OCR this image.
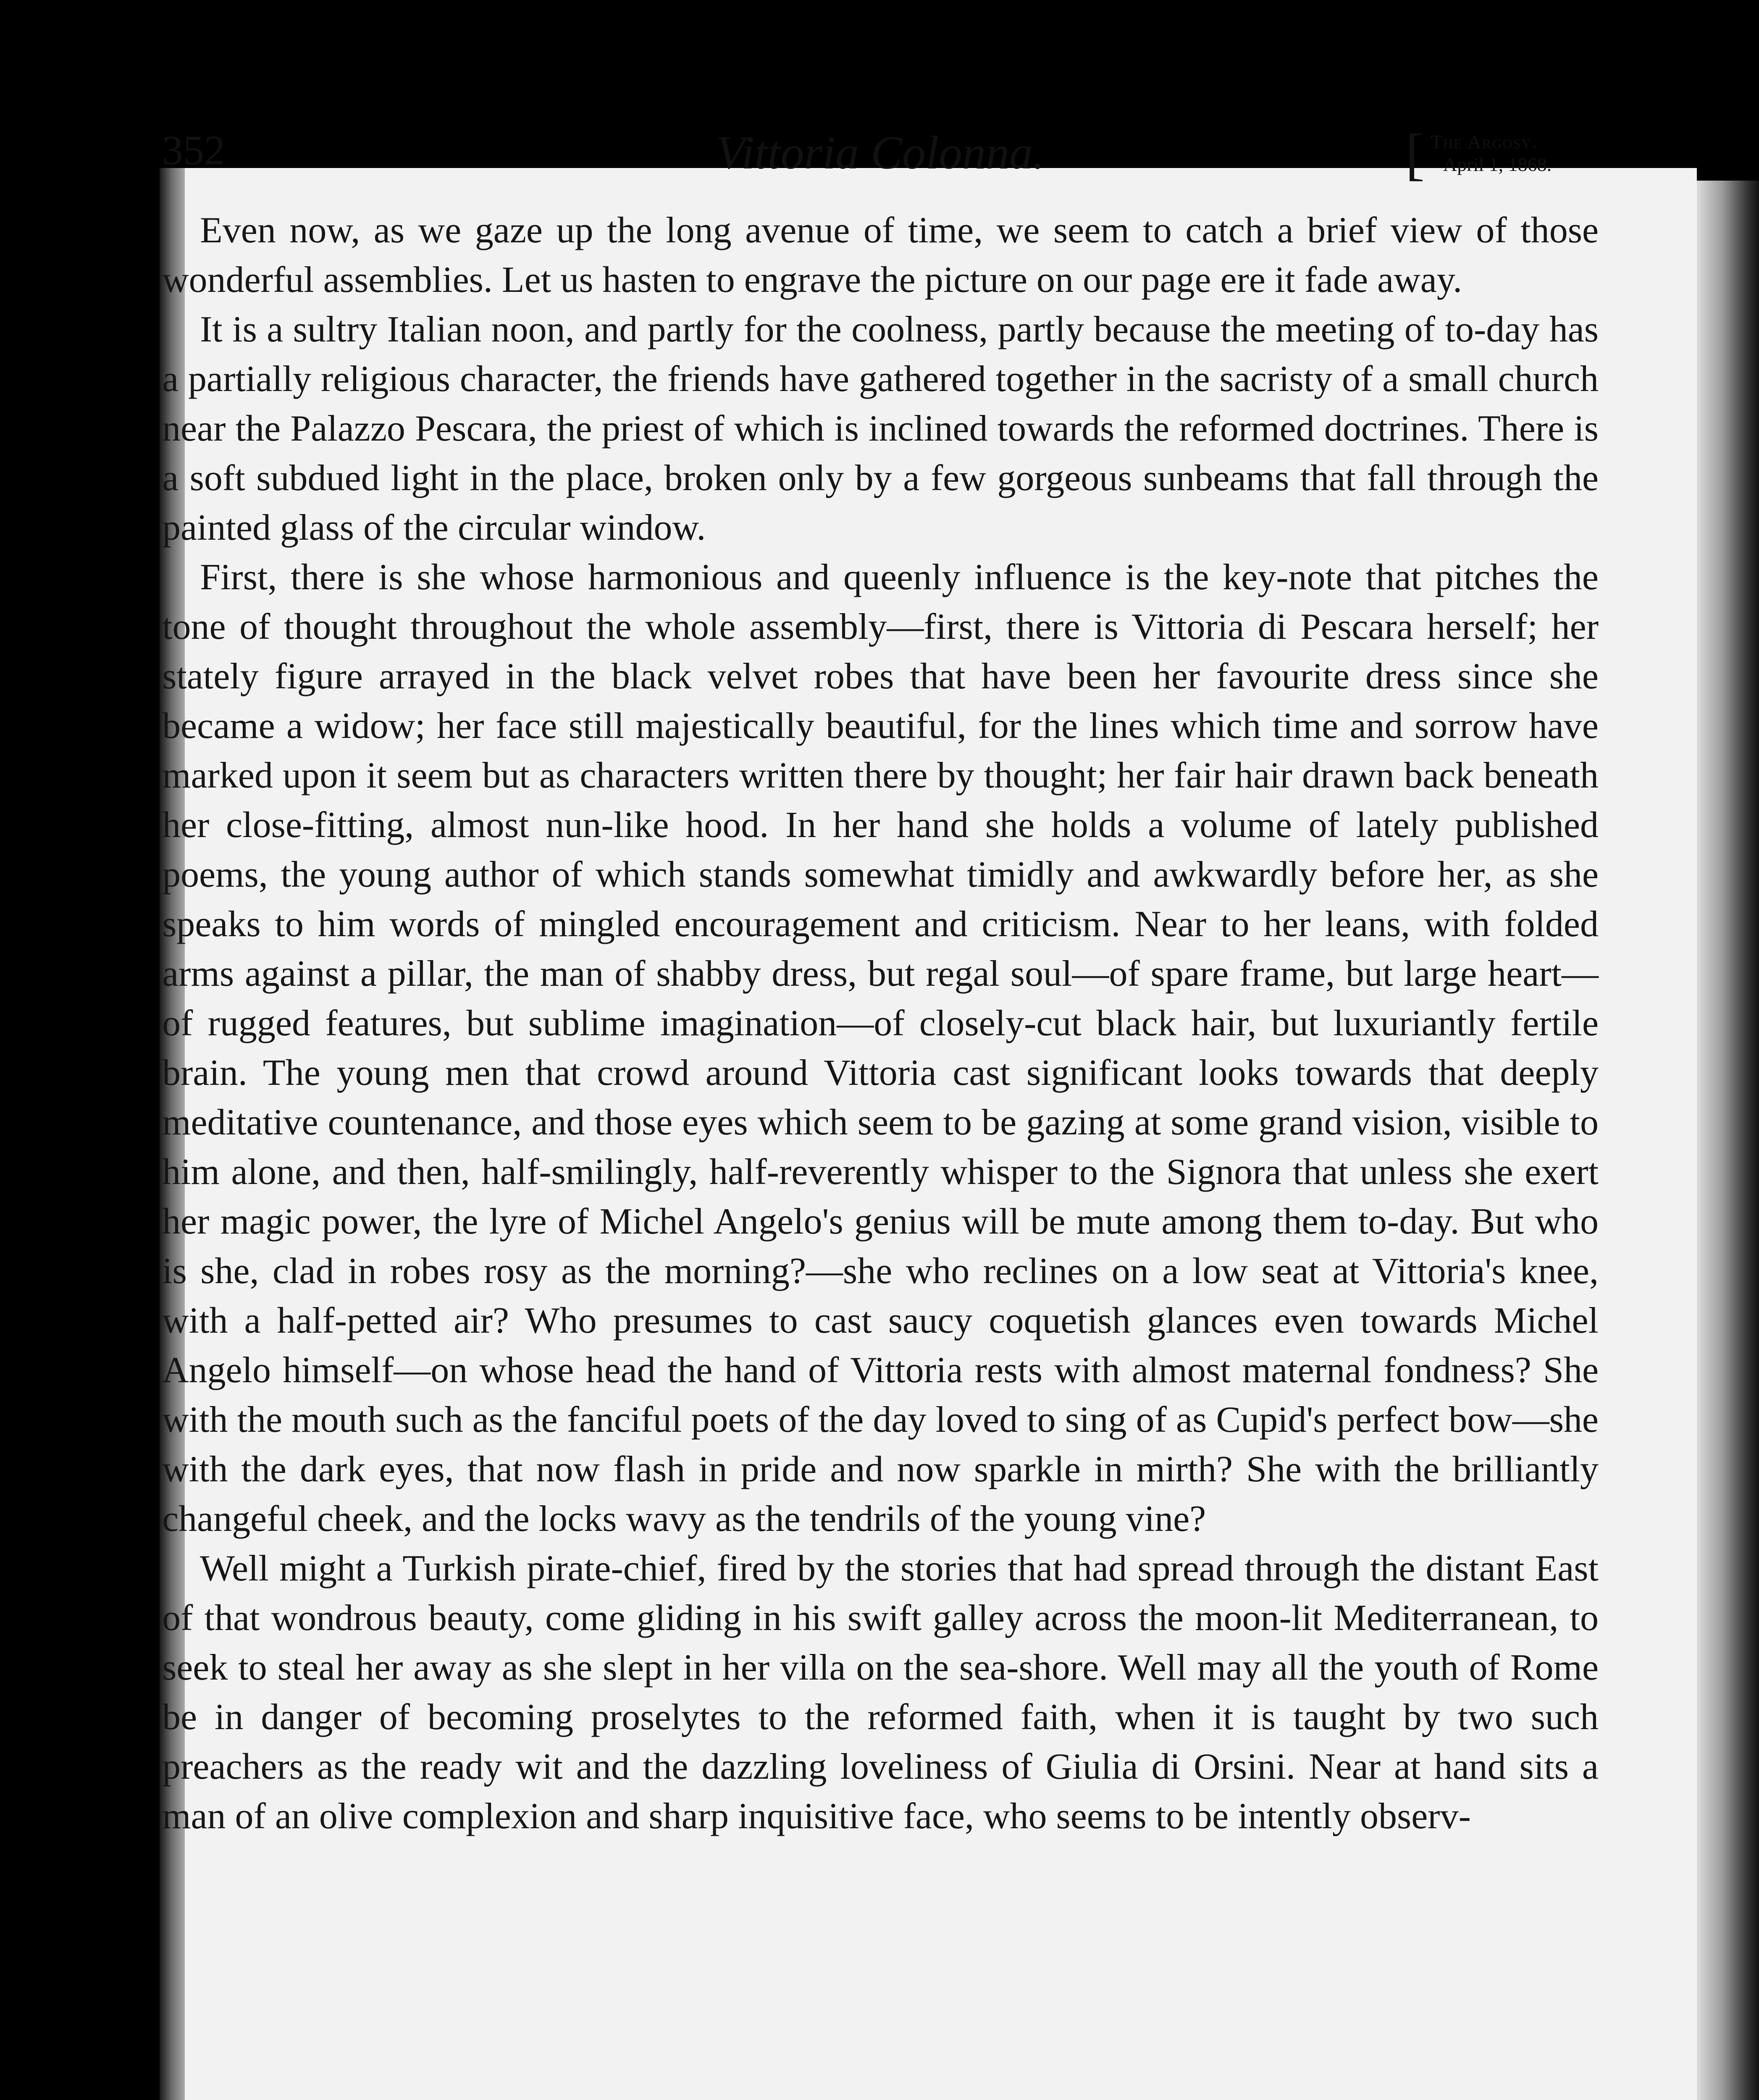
352	Vittoria Colonna.	[ The Argosy.
April 1, 1868.

Even now, as we gaze up the long avenue of time, we seem to catch a brief view of those wonderful assemblies. Let us hasten to engrave the picture on our page ere it fade away.

It is a sultry Italian noon, and partly for the coolness, partly because the meeting of to-day has a partially religious character, the friends have gathered together in the sacristy of a small church near the Palazzo Pescara, the priest of which is inclined towards the reformed doctrines. There is a soft subdued light in the place, broken only by a few gorgeous sunbeams that fall through the painted glass of the circular window.

First, there is she whose harmonious and queenly influence is the key-note that pitches the tone of thought throughout the whole assembly—first, there is Vittoria di Pescara herself; her stately figure arrayed in the black velvet robes that have been her favourite dress since she became a widow; her face still majestically beautiful, for the lines which time and sorrow have marked upon it seem but as characters written there by thought; her fair hair drawn back beneath her close-fitting, almost nun-like hood. In her hand she holds a volume of lately published poems, the young author of which stands somewhat timidly and awkwardly before her, as she speaks to him words of mingled encouragement and criticism. Near to her leans, with folded arms against a pillar, the man of shabby dress, but regal soul—of spare frame, but large heart—of rugged features, but sublime imagination—of closely-cut black hair, but luxuriantly fertile brain. The young men that crowd around Vittoria cast significant looks towards that deeply meditative countenance, and those eyes which seem to be gazing at some grand vision, visible to him alone, and then, half-smilingly, half-reverently whisper to the Signora that unless she exert her magic power, the lyre of Michel Angelo's genius will be mute among them to-day. But who is she, clad in robes rosy as the morning?—she who reclines on a low seat at Vittoria's knee, with a half-petted air? Who presumes to cast saucy coquetish glances even towards Michel Angelo himself—on whose head the hand of Vittoria rests with almost maternal fondness? She with the mouth such as the fanciful poets of the day loved to sing of as Cupid's perfect bow—she with the dark eyes, that now flash in pride and now sparkle in mirth? She with the brilliantly changeful cheek, and the locks wavy as the tendrils of the young vine?

Well might a Turkish pirate-chief, fired by the stories that had spread through the distant East of that wondrous beauty, come gliding in his swift galley across the moon-lit Mediterranean, to seek to steal her away as she slept in her villa on the sea-shore. Well may all the youth of Rome be in danger of becoming proselytes to the reformed faith, when it is taught by two such preachers as the ready wit and the dazzling loveliness of Giulia di Orsini. Near at hand sits a man of an olive complexion and sharp inquisitive face, who seems to be intently observ-
